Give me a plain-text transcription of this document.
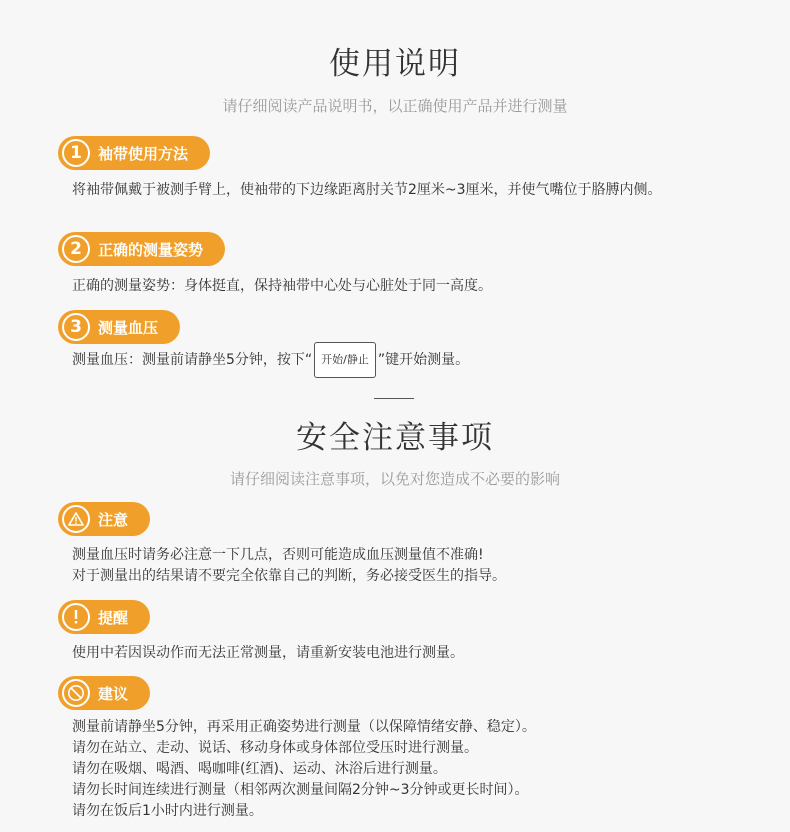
使用说明
请仔细阅读产品说明书，以正确使用产品并进行测量
1	袖带使用方法
将袖带佩戴于被测手臂上，使袖带的下边缘距离肘关节2厘米~3厘米，并使气嘴位于胳膊内侧。
2	正确的测量姿势
正确的测量姿势：身体挺直，保持袖带中心处与心脏处于同一高度。
3	测量血压
测量血压：测量前请静坐5分钟，按下“ 开始/静止 ”键开始测量。
安全注意事项
请仔细阅读注意事项，以免对您造成不必要的影响
注意
测量血压时请务必注意一下几点，否则可能造成血压测量值不准确!
对于测量出的结果请不要完全依靠自己的判断，务必接受医生的指导。
提醒
使用中若因误动作而无法正常测量，请重新安装电池进行测量。
建议
测量前请静坐5分钟，再采用正确姿势进行测量（以保障情绪安静、稳定）。
请勿在站立、走动、说话、移动身体或身体部位受压时进行测量。
请勿在吸烟、喝酒、喝咖啡(红酒)、运动、沐浴后进行测量。
请勿长时间连续进行测量（相邻两次测量间隔2分钟~3分钟或更长时间）。
请勿在饭后1小时内进行测量。
